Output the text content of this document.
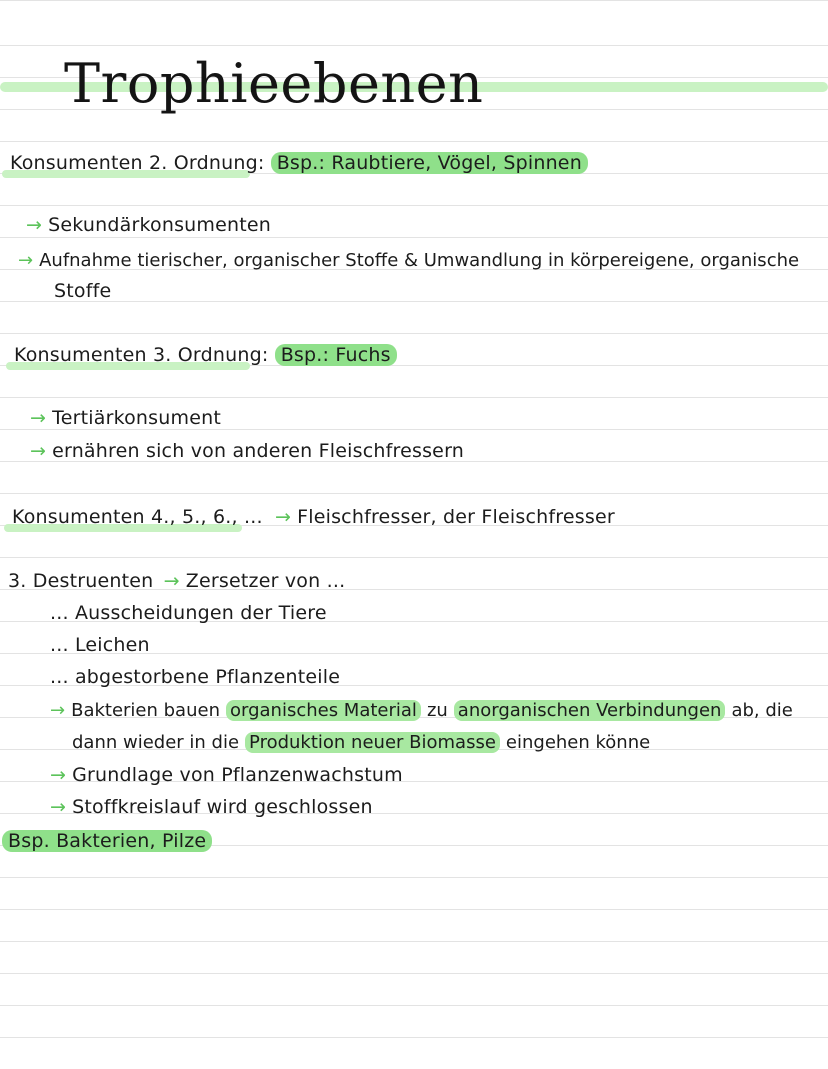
Trophieebenen
Konsumenten 2. Ordnung: Bsp.: Raubtiere, Vögel, Spinnen
→ Sekundärkonsumenten
→ Aufnahme tierischer, organischer Stoffe & Umwandlung in körpereigene, organische
Stoffe
Konsumenten 3. Ordnung: Bsp.: Fuchs
→ Tertiärkonsument
→ ernähren sich von anderen Fleischfressern
Konsumenten 4., 5., 6., ... → Fleischfresser, der Fleischfresser
3. Destruenten → Zersetzer von ...
... Ausscheidungen der Tiere
... Leichen
... abgestorbene Pflanzenteile
→ Bakterien bauen organisches Material zu anorganischen Verbindungen ab, die
dann wieder in die Produktion neuer Biomasse eingehen könne
→ Grundlage von Pflanzenwachstum
→ Stoffkreislauf wird geschlossen
Bsp. Bakterien, Pilze
